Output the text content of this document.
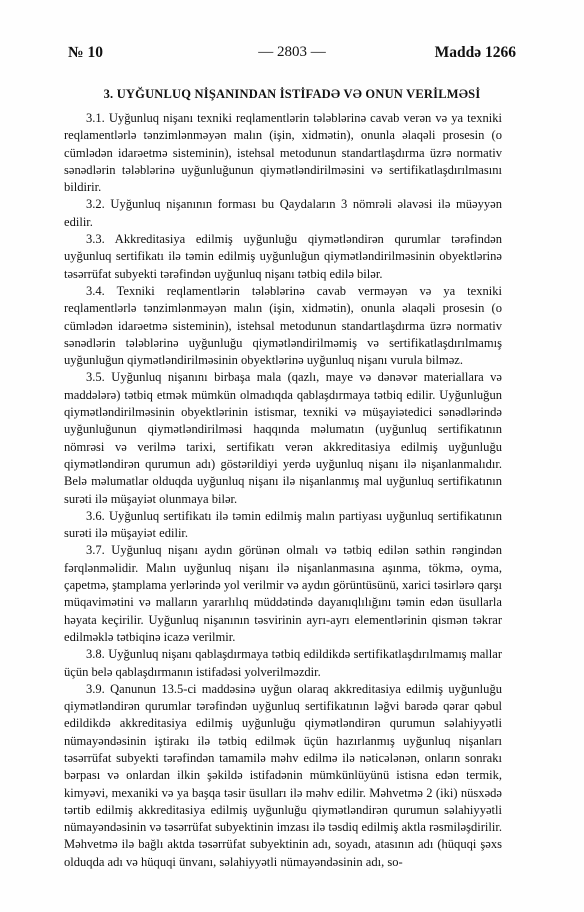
№ 10	— 2803 —	Maddə 1266
3. UYĞUNLUQ NİŞANINDAN İSTİFADƏ VƏ ONUN VERİLMƏSİ

3.1. Uyğunluq nişanı texniki reqlamentlərin tələblərinə cavab verən və ya texniki reqlamentlərlə tənzimlənməyən malın (işin, xidmətin), onunla əlaqəli prosesin (o cümlədən idarəetmə sisteminin), istehsal metodunun standartlaşdırma üzrə normativ sənədlərin tələblərinə uyğunluğunun qiymətləndirilməsini və sertifikatlaşdırılmasını bildirir.

3.2. Uyğunluq nişanının forması bu Qaydaların 3 nömrəli əlavəsi ilə müəyyən edilir.

3.3. Akkreditasiya edilmiş uyğunluğu qiymətləndirən qurumlar tərəfindən uyğunluq sertifikatı ilə təmin edilmiş uyğunluğun qiymətləndirilməsinin obyektlərinə təsərrüfat subyekti tərəfindən uyğunluq nişanı tətbiq edilə bilər.

3.4. Texniki reqlamentlərin tələblərinə cavab verməyən və ya texniki reqlamentlərlə tənzimlənməyən malın (işin, xidmətin), onunla əlaqəli prosesin (o cümlədən idarəetmə sisteminin), istehsal metodunun standartlaşdırma üzrə normativ sənədlərin tələblərinə uyğunluğu qiymətləndirilməmiş və sertifikatlaşdırılmamış uyğunluğun qiymətləndirilməsinin obyektlərinə uyğunluq nişanı vurula bilməz.

3.5. Uyğunluq nişanını birbaşa mala (qazlı, maye və dənəvər materiallara və maddələrə) tətbiq etmək mümkün olmadıqda qablaşdırmaya tətbiq edilir. Uyğunluğun qiymətləndirilməsinin obyektlərinin istismar, texniki və müşayiətedici sənədlərində uyğunluğunun qiymətləndirilməsi haqqında məlumatın (uyğunluq sertifikatının nömrəsi və verilmə tarixi, sertifikatı verən akkreditasiya edilmiş uyğunluğu qiymətləndirən qurumun adı) göstərildiyi yerdə uyğunluq nişanı ilə nişanlanmalıdır. Belə məlumatlar olduqda uyğunluq nişanı ilə nişanlanmış mal uyğunluq sertifikatının surəti ilə müşayiət olunmaya bilər.

3.6. Uyğunluq sertifikatı ilə təmin edilmiş malın partiyası uyğunluq sertifikatının surəti ilə müşayiət edilir.

3.7. Uyğunluq nişanı aydın görünən olmalı və tətbiq edilən səthin rəngindən fərqlənməlidir. Malın uyğunluq nişanı ilə nişanlanmasına aşınma, tökmə, oyma, çapetmə, ştamplama yerlərində yol verilmir və aydın görüntüsünü, xarici təsirlərə qarşı müqavimətini və malların yararlılıq müddətində dayanıqlılığını təmin edən üsullarla həyata keçirilir. Uyğunluq nişanının təsvirinin ayrı-ayrı elementlərinin qismən təkrar edilməklə tətbiqinə icazə verilmir.

3.8. Uyğunluq nişanı qablaşdırmaya tətbiq edildikdə sertifikatlaşdırılmamış mallar üçün belə qablaşdırmanın istifadəsi yolverilməzdir.

3.9. Qanunun 13.5-ci maddəsinə uyğun olaraq akkreditasiya edilmiş uyğunluğu qiymətləndirən qurumlar tərəfindən uyğunluq sertifikatının ləğvi barədə qərar qəbul edildikdə akkreditasiya edilmiş uyğunluğu qiymətləndirən qurumun səlahiyyətli nümayəndəsinin iştirakı ilə tətbiq edilmək üçün hazırlanmış uyğunluq nişanları təsərrüfat subyekti tərəfindən tamamilə məhv edilmə ilə nəticələnən, onların sonrakı bərpası və onlardan ilkin şəkildə istifadənin mümkünlüyünü istisna edən termik, kimyəvi, mexaniki və ya başqa təsir üsulları ilə məhv edilir. Məhvetmə 2 (iki) nüsxədə tərtib edilmiş akkreditasiya edilmiş uyğunluğu qiymətləndirən qurumun səlahiyyətli nümayəndəsinin və təsərrüfat subyektinin imzası ilə təsdiq edilmiş aktla rəsmiləşdirilir. Məhvetmə ilə bağlı aktda təsərrüfat subyektinin adı, soyadı, atasının adı (hüquqi şəxs olduqda adı və hüquqi ünvanı, səlahiyyətli nümayəndəsinin adı, so-
